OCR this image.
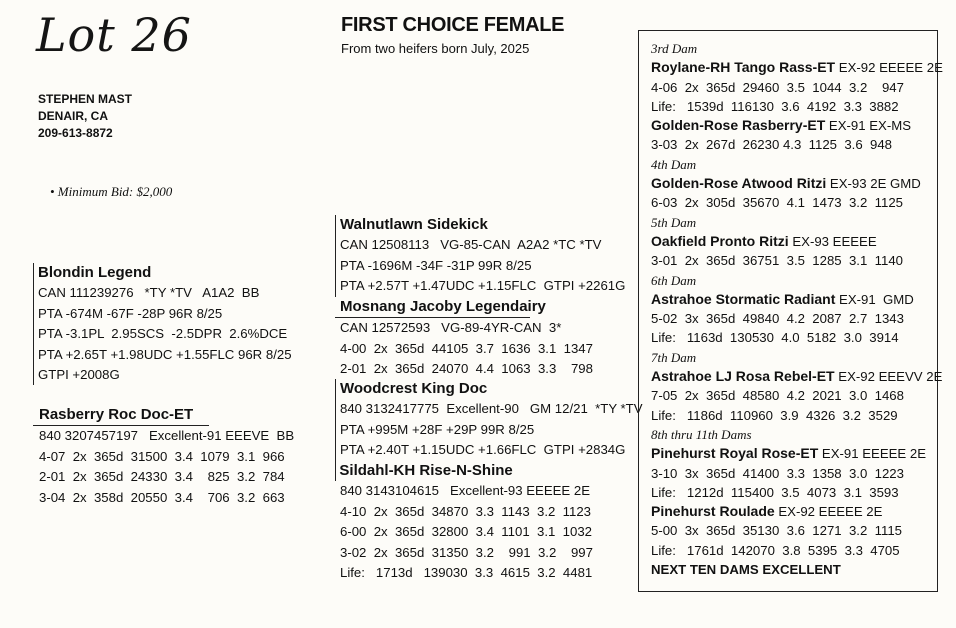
Lot 26
STEPHEN MAST
DENAIR, CA
209-613-8872
• Minimum Bid: $2,000
FIRST CHOICE FEMALE
From two heifers born July, 2025
Blondin Legend
CAN 111239276   *TY *TV   A1A2  BB
PTA -674M -67F -28P 96R 8/25
PTA -3.1PL  2.95SCS  -2.5DPR  2.6%DCE
PTA +2.65T +1.98UDC +1.55FLC 96R 8/25
GTPI +2008G
Rasberry Roc Doc-ET
840 3207457197   Excellent-91 EEEVE  BB
4-07  2x  365d  31500  3.4  1079  3.1  966
2-01  2x  365d  24330  3.4    825  3.2  784
3-04  2x  358d  20550  3.4    706  3.2  663
Walnutlawn Sidekick
CAN 12508113   VG-85-CAN  A2A2 *TC *TV
PTA -1696M -34F -31P 99R 8/25
PTA +2.57T +1.47UDC +1.15FLC  GTPI +2261G
Mosnang Jacoby Legendairy
CAN 12572593   VG-89-4YR-CAN  3*
4-00  2x  365d  44105  3.7  1636  3.1  1347
2-01  2x  365d  24070  4.4  1063  3.3    798
Woodcrest King Doc
840 3132417775  Excellent-90   GM 12/21  *TY *TV
PTA +995M +28F +29P 99R 8/25
PTA +2.40T +1.15UDC +1.66FLC  GTPI +2834G
Sildahl-KH Rise-N-Shine
840 3143104615   Excellent-93 EEEEE 2E
4-10  2x  365d  34870  3.3  1143  3.2  1123
6-00  2x  365d  32800  3.4  1101  3.1  1032
3-02  2x  365d  31350  3.2    991  3.2    997
Life:   1713d   139030  3.3  4615  3.2  4481
3rd Dam
Roylane-RH Tango Rass-ET EX-92 EEEEE 2E
4-06  2x  365d  29460  3.5  1044  3.2    947
Life:   1539d  116130  3.6  4192  3.3  3882
Golden-Rose Rasberry-ET EX-91 EX-MS
3-03  2x  267d  26230 4.3  1125  3.6  948
4th Dam
Golden-Rose Atwood Ritzi EX-93 2E GMD
6-03  2x  305d  35670  4.1  1473  3.2  1125
5th Dam
Oakfield Pronto Ritzi EX-93 EEEEE
3-01  2x  365d  36751  3.5  1285  3.1  1140
6th Dam
Astrahoe Stormatic Radiant EX-91  GMD
5-02  3x  365d  49840  4.2  2087  2.7  1343
Life:   1163d  130530  4.0  5182  3.0  3914
7th Dam
Astrahoe LJ Rosa Rebel-ET EX-92 EEEVV 2E
7-05  2x  365d  48580  4.2  2021  3.0  1468
Life:   1186d  110960  3.9  4326  3.2  3529
8th thru 11th Dams
Pinehurst Royal Rose-ET EX-91 EEEEE 2E
3-10  3x  365d  41400  3.3  1358  3.0  1223
Life:   1212d  115400  3.5  4073  3.1  3593
Pinehurst Roulade EX-92 EEEEE 2E
5-00  3x  365d  35130  3.6  1271  3.2  1115
Life:   1761d  142070  3.8  5395  3.3  4705
NEXT TEN DAMS EXCELLENT
